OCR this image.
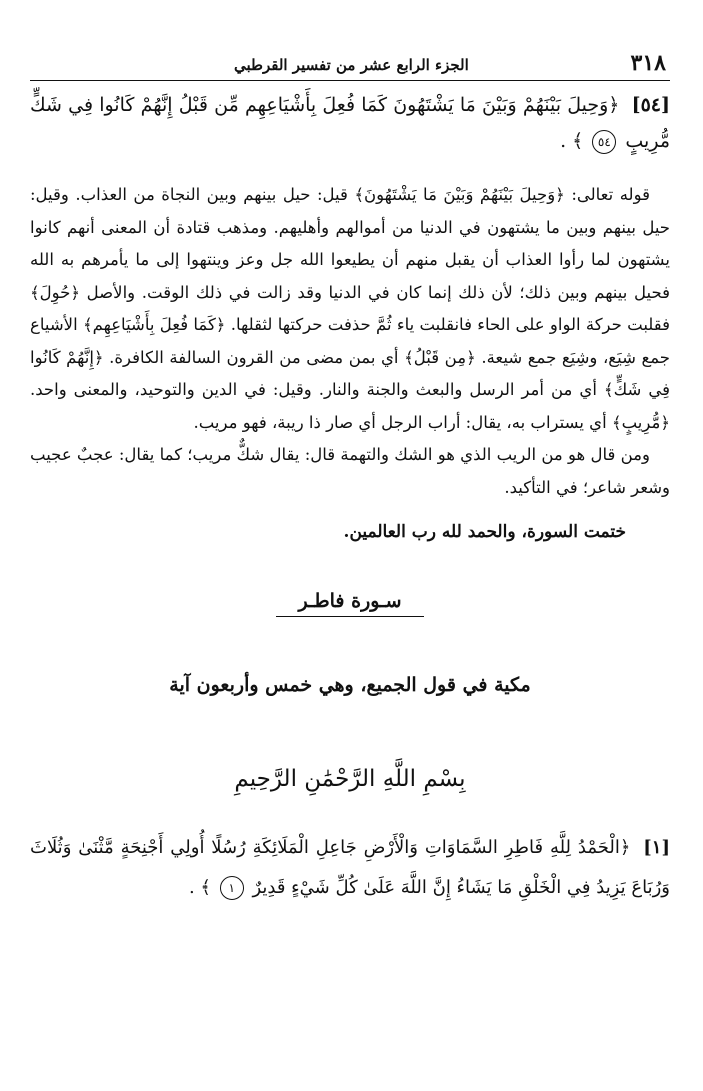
٣١٨
الجزء الرابع عشر من تفسير القرطبي
[٥٤] ﴿وَحِيلَ بَيْنَهُمْ وَبَيْنَ مَا يَشْتَهُونَ كَمَا فُعِلَ بِأَشْيَاعِهِم مِّن قَبْلُ إِنَّهُمْ كَانُوا فِي شَكٍّ مُّرِيبٍ ٥٤ ﴾ .

قوله تعالى: ﴿وَحِيلَ بَيْنَهُمْ وَبَيْنَ مَا يَشْتَهُونَ﴾ قيل: حيل بينهم وبين النجاة من العذاب. وقيل: حيل بينهم وبين ما يشتهون في الدنيا من أموالهم وأهليهم. ومذهب قتادة أن المعنى أنهم كانوا يشتهون لما رأوا العذاب أن يقبل منهم أن يطيعوا الله جل وعز وينتهوا إلى ما يأمرهم به الله فحيل بينهم وبين ذلك؛ لأن ذلك إنما كان في الدنيا وقد زالت في ذلك الوقت. والأصل ﴿حُوِلَ﴾ فقلبت حركة الواو على الحاء فانقلبت ياء ثُمَّ حذفت حركتها لثقلها. ﴿كَمَا فُعِلَ بِأَشْيَاعِهِم﴾ الأشياع جمع شِيَع، وشِيَع جمع شيعة. ﴿مِن قَبْلُ﴾ أي بمن مضى من القرون السالفة الكافرة. ﴿إِنَّهُمْ كَانُوا فِي شَكٍّ﴾ أي من أمر الرسل والبعث والجنة والنار. وقيل: في الدين والتوحيد، والمعنى واحد. ﴿مُّرِيبٍ﴾ أي يستراب به، يقال: أراب الرجل أي صار ذا ريبة، فهو مريب.

ومن قال هو من الريب الذي هو الشك والتهمة قال: يقال شكٌّ مريب؛ كما يقال: عجبٌ عجيب وشعر شاعر؛ في التأكيد.

ختمت السورة، والحمد لله رب العالمين.
سـورة فاطـر
مكية في قول الجميع، وهي خمس وأربعون آية
بِسْمِ اللَّهِ الرَّحْمَٰنِ الرَّحِيمِ
[١] ﴿الْحَمْدُ لِلَّهِ فَاطِرِ السَّمَاوَاتِ وَالْأَرْضِ جَاعِلِ الْمَلَائِكَةِ رُسُلًا أُولِي أَجْنِحَةٍ مَّثْنَىٰ وَثُلَاثَ وَرُبَاعَ يَزِيدُ فِي الْخَلْقِ مَا يَشَاءُ إِنَّ اللَّهَ عَلَىٰ كُلِّ شَيْءٍ قَدِيرٌ ١ ﴾ .
